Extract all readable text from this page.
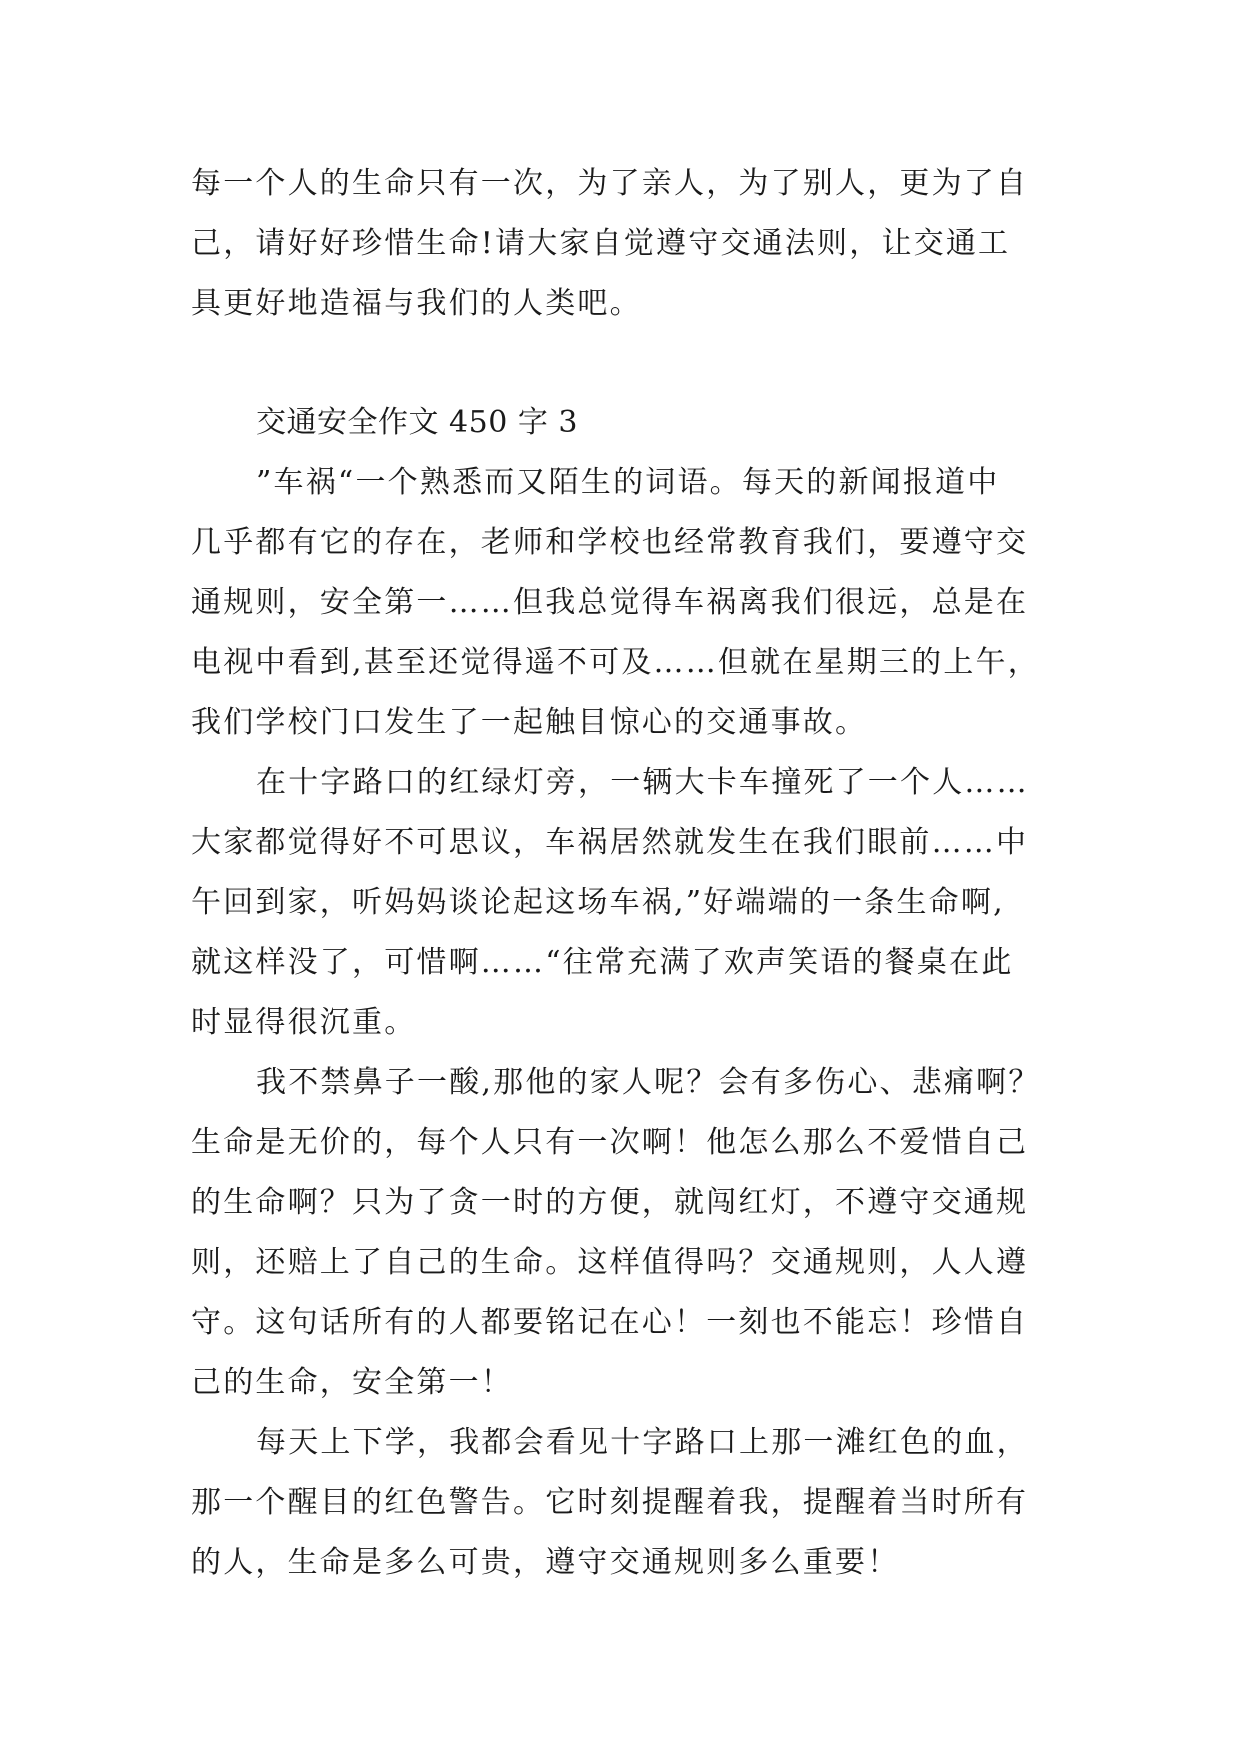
每一个人的生命只有一次，为了亲人，为了别人，更为了自

己，请好好珍惜生命!请大家自觉遵守交通法则，让交通工

具更好地造福与我们的人类吧。

交通安全作文 450 字 3

”车祸“一个熟悉而又陌生的词语。每天的新闻报道中

几乎都有它的存在，老师和学校也经常教育我们，要遵守交

通规则，安全第一……但我总觉得车祸离我们很远，总是在

电视中看到,甚至还觉得遥不可及……但就在星期三的上午，

我们学校门口发生了一起触目惊心的交通事故。

在十字路口的红绿灯旁，一辆大卡车撞死了一个人……

大家都觉得好不可思议，车祸居然就发生在我们眼前……中

午回到家，听妈妈谈论起这场车祸,”好端端的一条生命啊,

就这样没了，可惜啊……“往常充满了欢声笑语的餐桌在此

时显得很沉重。

我不禁鼻子一酸,那他的家人呢？会有多伤心、悲痛啊？

生命是无价的，每个人只有一次啊！他怎么那么不爱惜自己

的生命啊？只为了贪一时的方便，就闯红灯，不遵守交通规

则，还赔上了自己的生命。这样值得吗？交通规则，人人遵

守。这句话所有的人都要铭记在心！一刻也不能忘！珍惜自

己的生命，安全第一！

每天上下学，我都会看见十字路口上那一滩红色的血，

那一个醒目的红色警告。它时刻提醒着我，提醒着当时所有

的人，生命是多么可贵，遵守交通规则多么重要！
